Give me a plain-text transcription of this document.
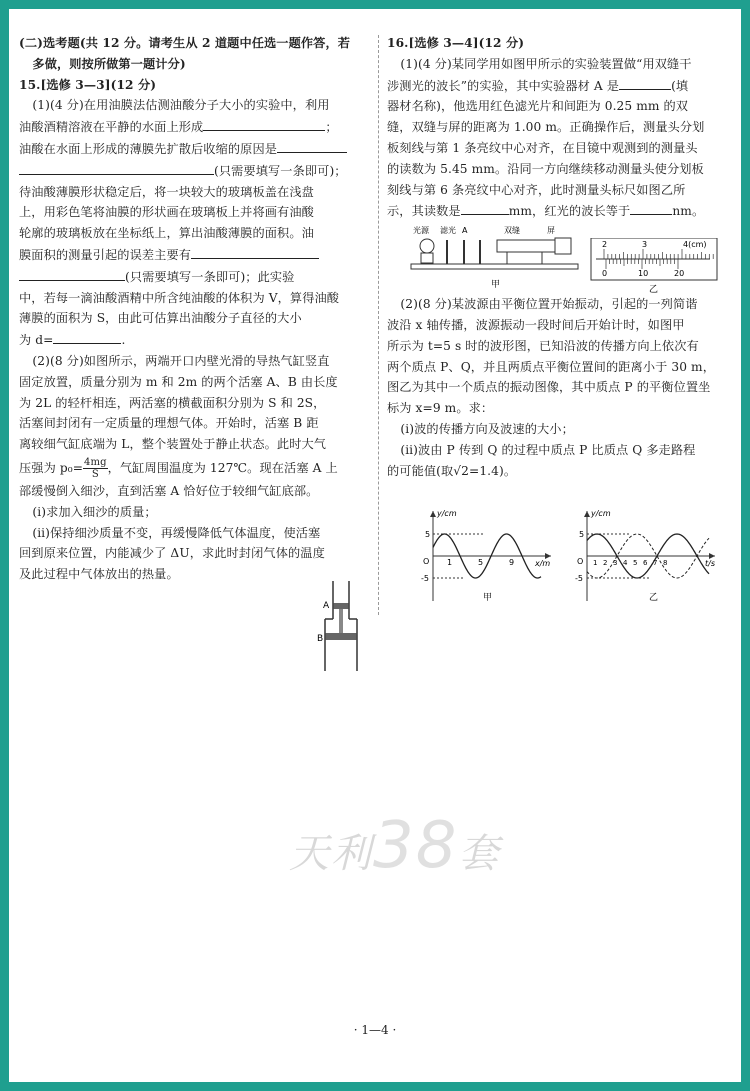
(二)选考题(共 12 分。请考生从 2 道题中任选一题作答，若

多做，则按所做第一题计分)

15.[选修 3—3](12 分)

(1)(4 分)在用油膜法估测油酸分子大小的实验中，利用

油酸酒精溶液在平静的水面上形成	；

油酸在水面上形成的薄膜先扩散后收缩的原因是

(只需要填写一条即可)；

待油酸薄膜形状稳定后，将一块较大的玻璃板盖在浅盘

上，用彩色笔将油膜的形状画在玻璃板上并将画有油酸

轮廓的玻璃板放在坐标纸上，算出油酸薄膜的面积。油

膜面积的测量引起的误差主要有

(只需要填写一条即可)；此实验

中，若每一滴油酸酒精中所含纯油酸的体积为 V，算得油酸

薄膜的面积为 S，由此可估算出油酸分子直径的大小

为 d=	.

(2)(8 分)如图所示，两端开口内壁光滑的导热气缸竖直

固定放置，质量分别为 m 和 2m 的两个活塞 A、B 由长度

为 2L 的轻杆相连，两活塞的横截面积分别为 S 和 2S，

活塞间封闭有一定质量的理想气体。开始时，活塞 B 距

离较细气缸底端为 L，整个装置处于静止状态。此时大气

压强为 $p_0= \frac{4mg}{S}$ ，气缸周围温度为 127℃。现在活塞 A 上

部缓慢倒入细沙，直到活塞 A 恰好位于较细气缸底部。

(ⅰ)求加入细沙的质量；

(ⅱ)保持细沙质量不变，再缓慢降低气体温度，使活塞

回到原来位置，内能减少了 ΔU，求此时封闭气体的温度

及此过程中气体放出的热量。

A
B

16.[选修 3—4](12 分)

(1)(4 分)某同学用如图甲所示的实验装置做“用双缝干

涉测光的波长”的实验，其中实验器材 A 是	(填

器材名称)，他选用红色滤光片和间距为 0.25 mm 的双

缝，双缝与屏的距离为 1.00 m。正确操作后，测量头分划

板刻线与第 1 条亮纹中心对齐，在目镜中观测到的测量头

的读数为 5.45 mm。沿同一方向继续移动测量头使分划板

刻线与第 6 条亮纹中心对齐，此时测量头标尺如图乙所

示，其读数是	mm，红光的波长等于	nm。

(2)(8 分)某波源由平衡位置开始振动，引起的一列简谐

波沿 x 轴传播，波源振动一段时间后开始计时，如图甲

所示为 t=5 s 时的波形图，已知沿波的传播方向上依次有

两个质点 P、Q，并且两质点平衡位置间的距离小于 30 m，

图乙为其中一个质点的振动图像，其中质点 P 的平衡位置坐

标为 x=9 m。求：

(ⅰ)波的传播方向及波速的大小；

(ⅱ)波由 P 传到 Q 的过程中质点 P 比质点 Q 多走路程

的可能值(取√2=1.4)。

光源 滤光 A	双缝	屏
甲
2	3	4(cm)
0	10	20
乙
y/cm
x/m
5
-5
O 1	5	9
甲
y/cm
t/s
5
-5
O 1 2 3 4 5 6 7 8
乙
天利38套
· 1—4 ·
